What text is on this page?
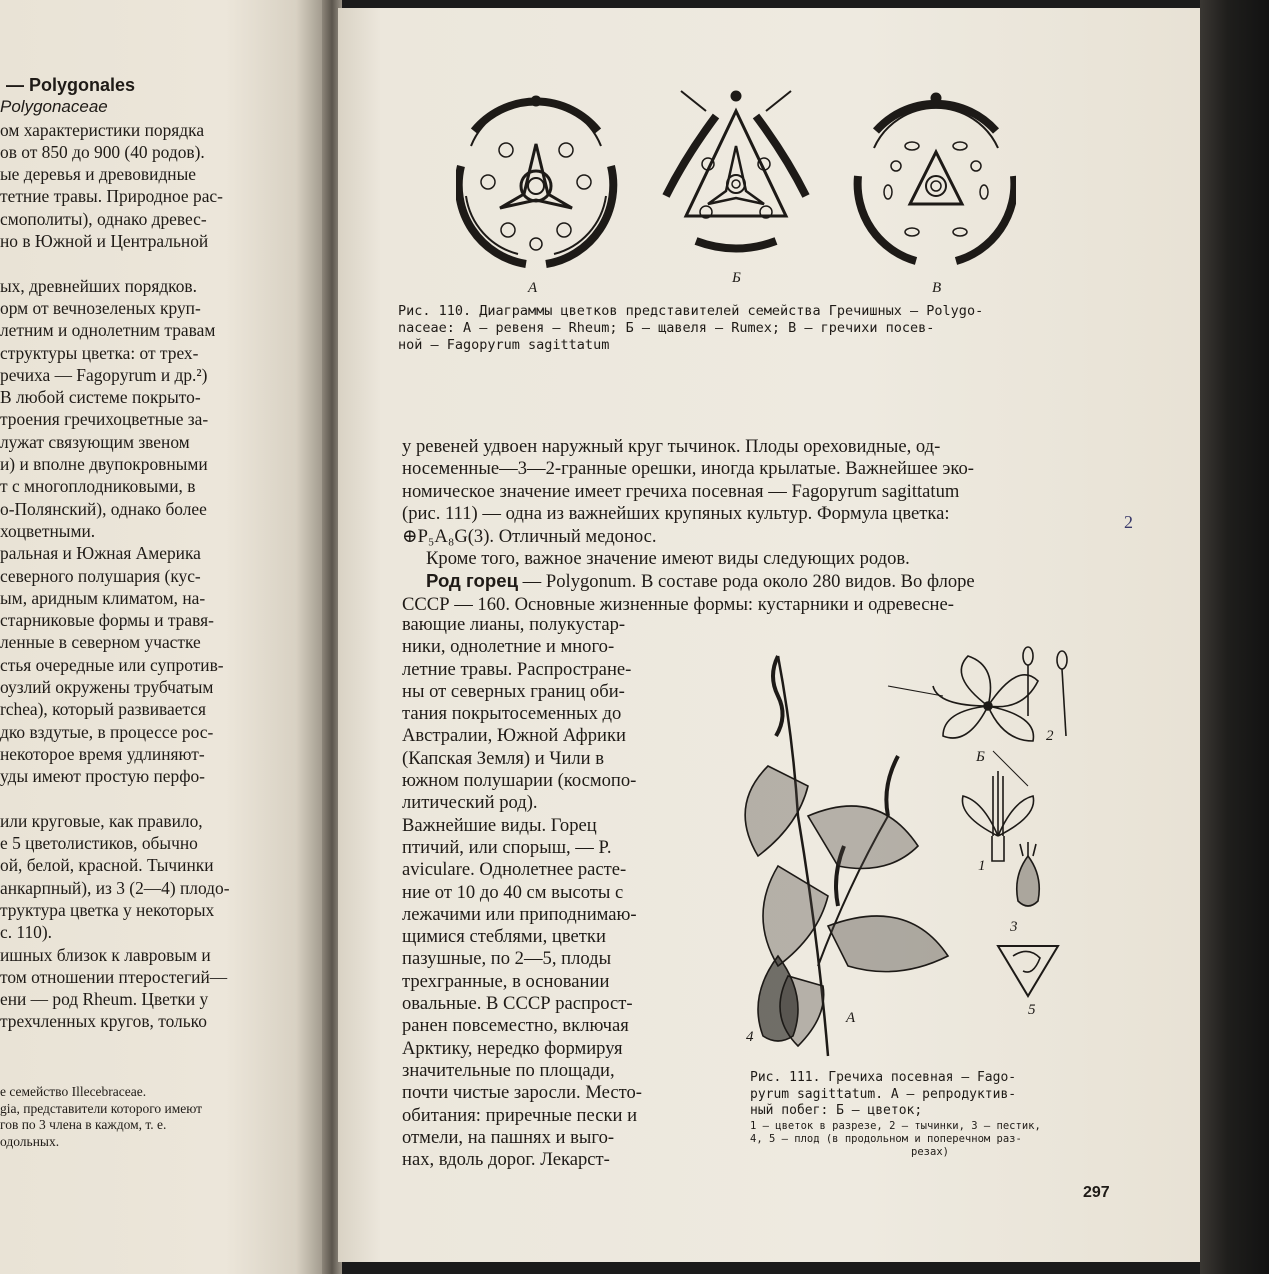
— Polygonales
Polygonaceae
ом характеристики порядка
ов от 850 до 900 (40 родов).
ые деревья и древовидные
тетние травы. Природное рас-
смополиты), однако древес-
но в Южной и Центральной

ых, древнейших порядков.
орм от вечнозеленых круп-
летним и однолетним травам
структуры цветка: от трех-
речиха — Fagopyrum и др.²)
В любой системе покрыто-
троения гречихоцветные за-
лужат связующим звеном
и) и вполне двупокровными
т с многоплодниковыми, в
о-Полянский), однако более
хоцветными.
ральная и Южная Америка
северного полушария (кус-
ым, аридным климатом, на-
старниковые формы и травя-
ленные в северном участке
стья очередные или супротив-
оузлий окружены трубчатым
rchea), который развивается
дко вздутые, в процессе рос-
некоторое время удлиняют-
уды имеют простую перфо-

или круговые, как правило,
е 5 цветолистиков, обычно
ой, белой, красной. Тычинки
анкарпный), из 3 (2—4) плодо-
труктура цветка у некоторых
с. 110).
ишных близок к лавровым и
том отношении птеростегий—
ени — род Rheum. Цветки у
трехчленных кругов, только
е семейство Illecebraceae.
gia, представители которого имеют
гов по 3 члена в каждом, т. е.
одольных.
А
Б
В
Рис. 110. Диаграммы цветков представителей семейства Гречишных — Polygo-
naceae: А — ревеня — Rheum; Б — щавеля — Rumex; В — гречихи посев-
ной — Fagopyrum sagittatum
у ревеней удвоен наружный круг тычинок. Плоды ореховидные, од-
носеменные—3—2-гранные орешки, иногда крылатые. Важнейшее эко-
номическое значение имеет гречиха посевная — Fagopyrum sagittatum
(рис. 111) — одна из важнейших крупяных культур. Формула цветка:
⊕P₅A₈G(3). Отличный медонос.
Кроме того, важное значение имеют виды следующих родов.
Род горец — Polygonum. В составе рода около 280 видов. Во флоре
СССР — 160. Основные жизненные формы: кустарники и одревесне-
вающие лианы, полукустар-
ники, однолетние и много-
летние травы. Распростране-
ны от северных границ оби-
тания покрытосеменных до
Австралии, Южной Африки
(Капская Земля) и Чили в
южном полушарии (космопо-
литический род).
Важнейшие виды. Горец
птичий, или спорыш, — P.
aviculare. Однолетнее расте-
ние от 10 до 40 см высоты с
лежачими или приподнимаю-
щимися стеблями, цветки
пазушные, по 2—5, плоды
трехгранные, в основании
овальные. В СССР распрост-
ранен повсеместно, включая
Арктику, нередко формируя
значительные по площади,
почти чистые заросли. Место-
обитания: приречные пески и
отмели, на пашнях и выго-
нах, вдоль дорог. Лекарст-
Б
2
1
3
4
А	5
Рис. 111. Гречиха посевная — Fago-
pyrum sagittatum. А — репродуктив-
ный побег: Б — цветок;
1 — цветок в разрезе, 2 — тычинки, 3 — пестик,
4, 5 — плод (в продольном и поперечном раз-
резах)
2
297
